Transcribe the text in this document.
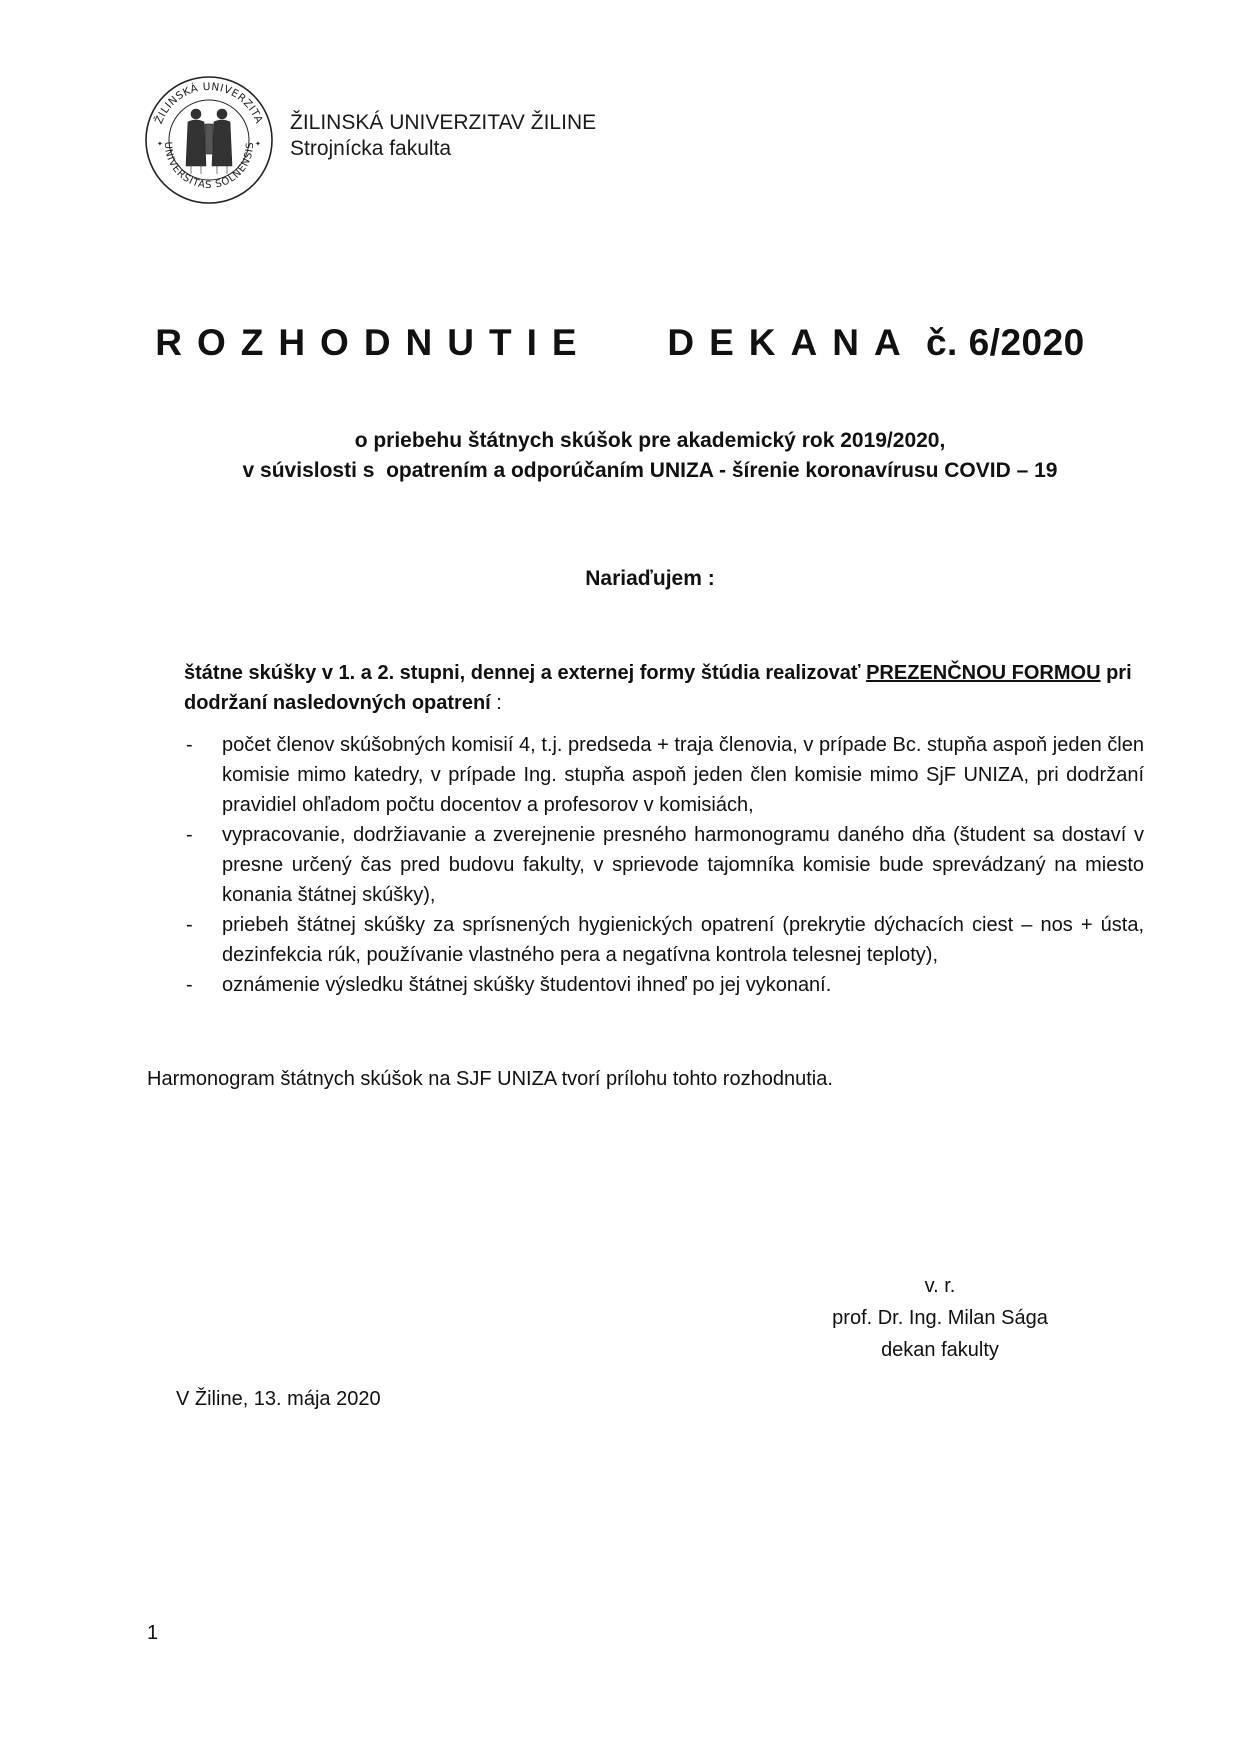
ŽILINSKÁ UNIVERZITA
UNIVERSITAS SOLNENSIS
✦	✦
ŽILINSKÁ UNIVERZITAV ŽILINE
Strojnícka fakulta
ROZHODNUTIE   DEKANA č. 6/2020
o priebehu štátnych skúšok pre akademický rok 2019/2020,
v súvislosti s  opatrením a odporúčaním UNIZA - šírenie koronavírusu COVID – 19
Nariaďujem :
štátne skúšky v 1. a 2. stupni, dennej a externej formy štúdia realizovať PREZENČNOU FORMOU pri
dodržaní nasledovných opatrení :
- počet členov skúšobných komisií 4, t.j. predseda + traja členovia, v prípade Bc. stupňa aspoň jeden člen komisie mimo katedry, v prípade Ing. stupňa aspoň jeden člen komisie mimo SjF UNIZA, pri dodržaní pravidiel ohľadom počtu docentov a profesorov v komisiách,
- vypracovanie, dodržiavanie a zverejnenie presného harmonogramu daného dňa (študent sa dostaví v presne určený čas pred budovu fakulty, v sprievode tajomníka komisie bude sprevádzaný na miesto konania štátnej skúšky),
- priebeh štátnej skúšky za sprísnených hygienických opatrení (prekrytie dýchacích ciest – nos + ústa, dezinfekcia rúk, používanie vlastného pera a negatívna kontrola telesnej teploty),
- oznámenie výsledku štátnej skúšky študentovi ihneď po jej vykonaní.
Harmonogram štátnych skúšok na SJF UNIZA tvorí prílohu tohto rozhodnutia.
v. r.
prof. Dr. Ing. Milan Sága
dekan fakulty
V Žiline, 13. mája 2020
1
